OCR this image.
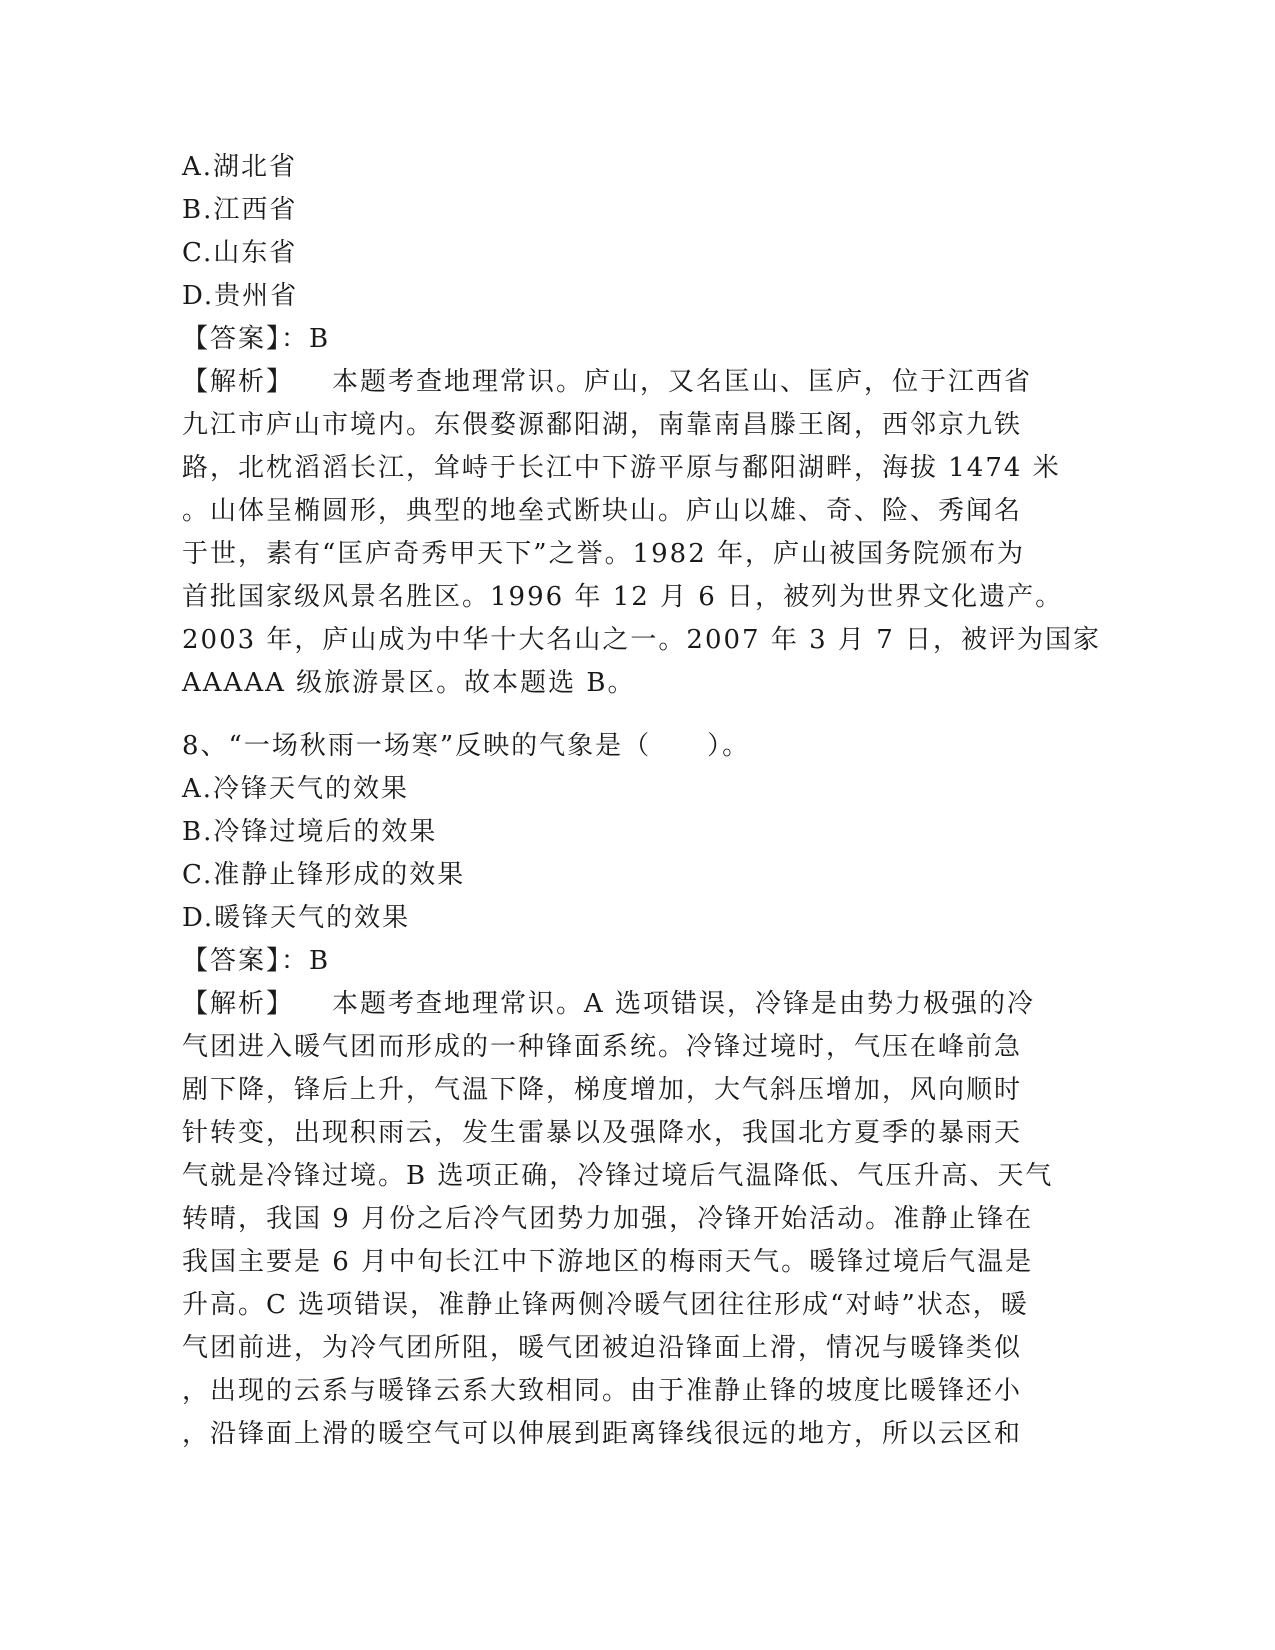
A.湖北省
B.江西省
C.山东省
D.贵州省
【答案】：B
【解析】 本题考查地理常识。庐山，又名匡山、匡庐，位于江西省
九江市庐山市境内。东偎婺源鄱阳湖，南靠南昌滕王阁，西邻京九铁
路，北枕滔滔长江，耸峙于长江中下游平原与鄱阳湖畔，海拔 1474 米
。山体呈椭圆形，典型的地垒式断块山。庐山以雄、奇、险、秀闻名
于世，素有“匡庐奇秀甲天下”之誉。1982 年，庐山被国务院颁布为
首批国家级风景名胜区。1996 年 12 月 6 日，被列为世界文化遗产。
2003 年，庐山成为中华十大名山之一。2007 年 3 月 7 日，被评为国家
AAAAA 级旅游景区。故本题选 B。
8、“一场秋雨一场寒”反映的气象是（　　）。
A.冷锋天气的效果
B.冷锋过境后的效果
C.准静止锋形成的效果
D.暖锋天气的效果
【答案】：B
【解析】 本题考查地理常识。A 选项错误，冷锋是由势力极强的冷
气团进入暖气团而形成的一种锋面系统。冷锋过境时，气压在峰前急
剧下降，锋后上升，气温下降，梯度增加，大气斜压增加，风向顺时
针转变，出现积雨云，发生雷暴以及强降水，我国北方夏季的暴雨天
气就是冷锋过境。B 选项正确，冷锋过境后气温降低、气压升高、天气
转晴，我国 9 月份之后冷气团势力加强，冷锋开始活动。准静止锋在
我国主要是 6 月中旬长江中下游地区的梅雨天气。暖锋过境后气温是
升高。C 选项错误，准静止锋两侧冷暖气团往往形成“对峙”状态，暖
气团前进，为冷气团所阻，暖气团被迫沿锋面上滑，情况与暖锋类似
，出现的云系与暖锋云系大致相同。由于准静止锋的坡度比暖锋还小
，沿锋面上滑的暖空气可以伸展到距离锋线很远的地方，所以云区和
